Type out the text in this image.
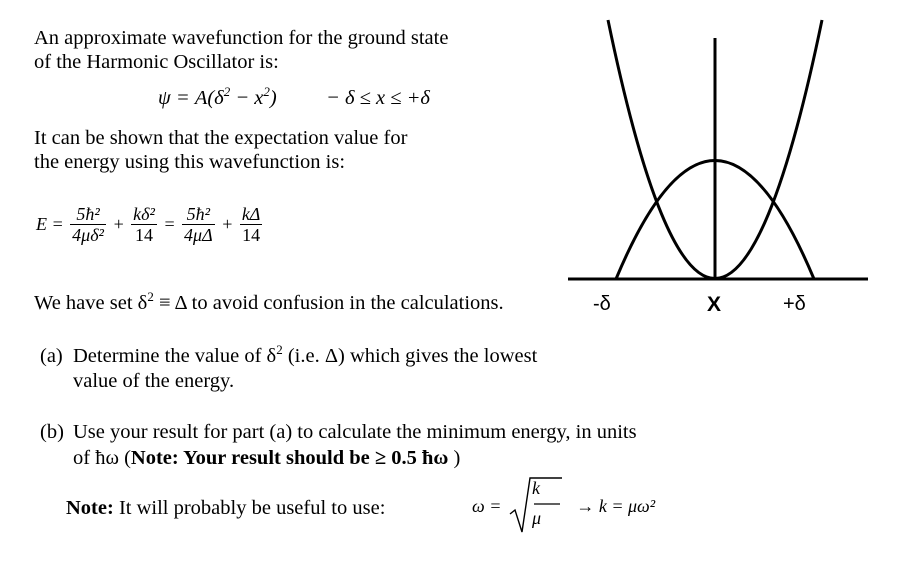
An approximate wavefunction for the ground state
of the Harmonic Oscillator is:
$\psi = A(\delta^2 - x^2) - \delta \le x \le +\delta$
It can be shown that the expectation value for
the energy using this wavefunction is:
$E = \frac{\text{5ħ²}}{\text{4μδ²}} + \frac{\text{kδ²}}{14} = \frac{\text{5ħ²}}{4\mu\Delta} + \frac{k\Delta}{14}$
We have set $\delta^2 \equiv \Delta$ to avoid confusion in the calculations.	-δ	X	+δ
(a) Determine the value of $\delta^2$ (i.e. Δ) which gives the lowest
value of the energy.
(b) Use your result for part (a) to calculate the minimum energy, in units
of ħω (Note: Your result should be ≥ 0.5 ħω )
Note: It will probably be useful to use:	ω =	→ k = μω²
k
μ
